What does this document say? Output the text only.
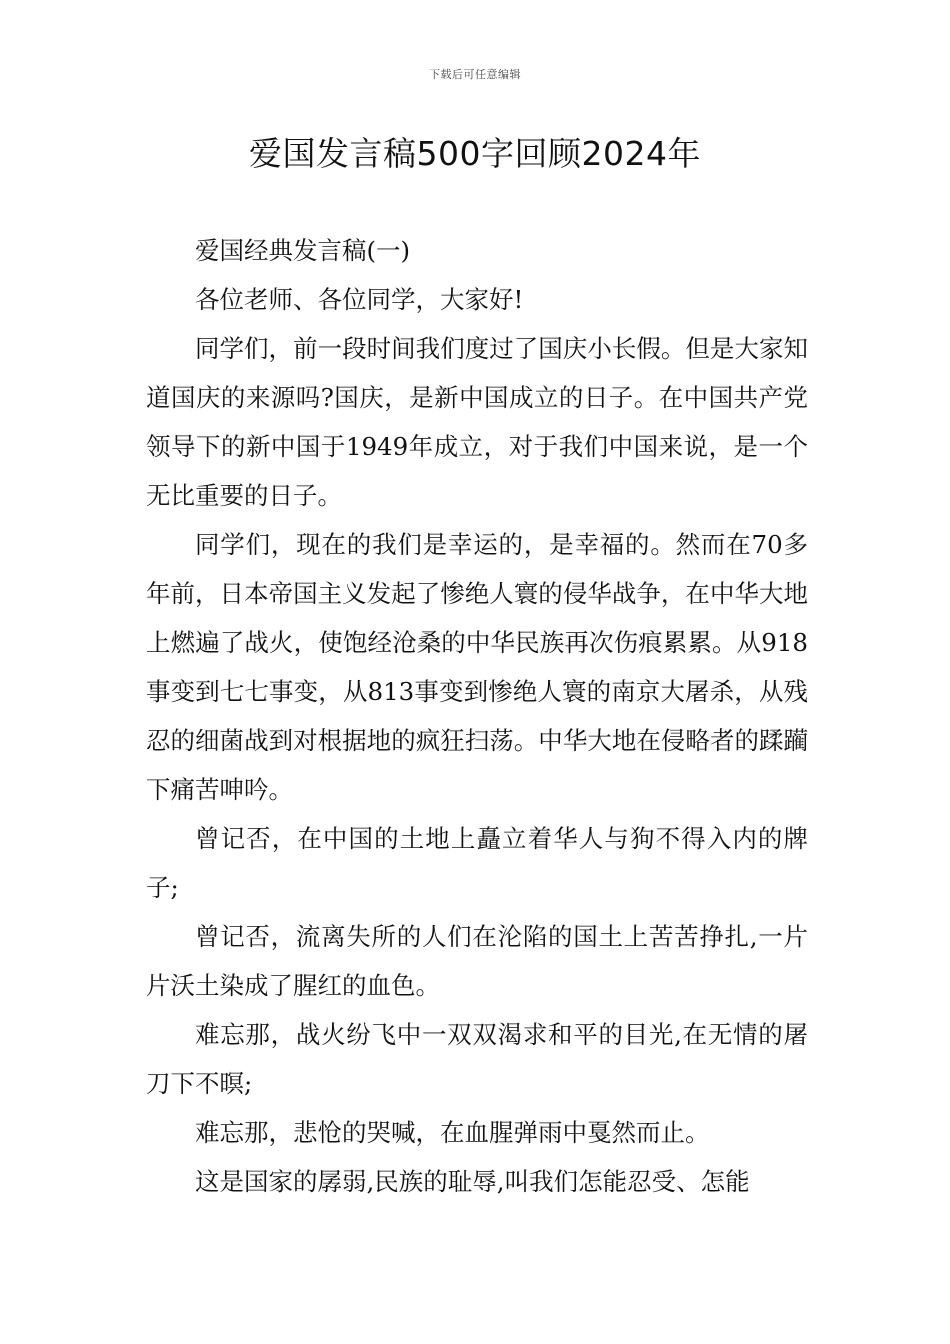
下载后可任意编辑
爱国发言稿500字回顾2024年

爱国经典发言稿(一)

各位老师、各位同学，大家好!

同学们，前一段时间我们度过了国庆小长假。但是大家知道国庆的来源吗?国庆，是新中国成立的日子。在中国共产党领导下的新中国于1949年成立，对于我们中国来说，是一个无比重要的日子。

同学们，现在的我们是幸运的，是幸福的。然而在70多年前，日本帝国主义发起了惨绝人寰的侵华战争，在中华大地上燃遍了战火，使饱经沧桑的中华民族再次伤痕累累。从918事变到七七事变，从813事变到惨绝人寰的南京大屠杀，从残忍的细菌战到对根据地的疯狂扫荡。中华大地在侵略者的蹂躏下痛苦呻吟。

曾记否，在中国的土地上矗立着华人与狗不得入内的牌子;

曾记否，流离失所的人们在沦陷的国土上苦苦挣扎,一片片沃土染成了腥红的血色。

难忘那，战火纷飞中一双双渴求和平的目光,在无情的屠刀下不暝;

难忘那，悲怆的哭喊，在血腥弹雨中戛然而止。

这是国家的孱弱,民族的耻辱,叫我们怎能忍受、怎能
